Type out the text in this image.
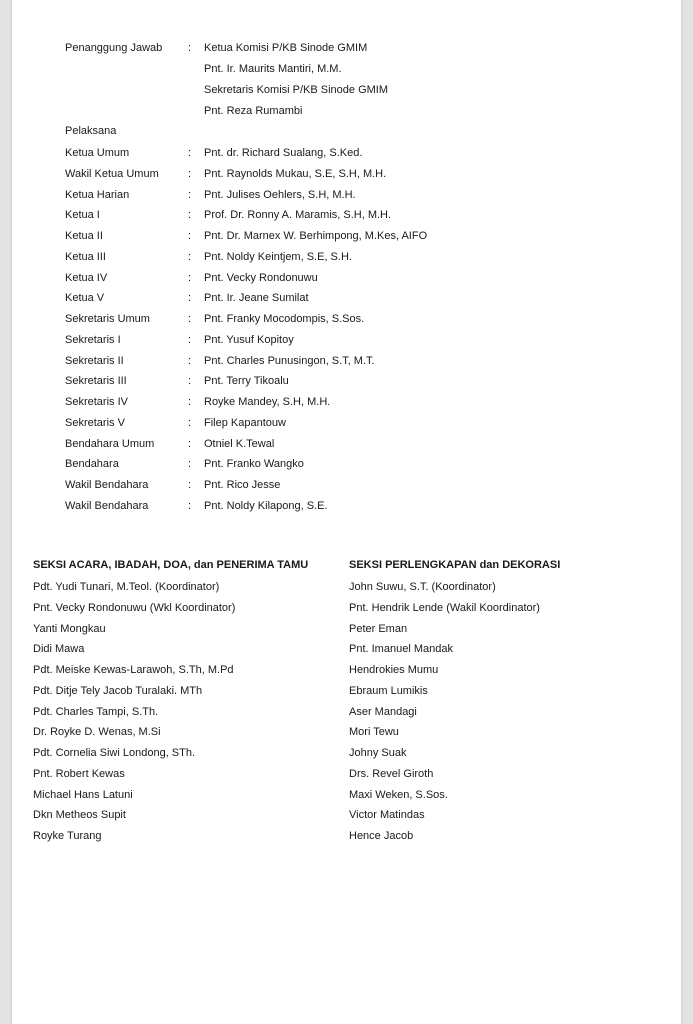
Penanggung Jawab : Ketua Komisi P/KB Sinode GMIM
Pnt. Ir. Maurits Mantiri, M.M.
Sekretaris Komisi P/KB Sinode GMIM
Pnt. Reza Rumambi
Pelaksana
Ketua Umum	: Pnt. dr. Richard Sualang, S.Ked.
Wakil Ketua Umum	: Pnt. Raynolds Mukau, S.E, S.H, M.H.
Ketua Harian	: Pnt. Julises Oehlers, S.H, M.H.
Ketua I	: Prof. Dr. Ronny A. Maramis, S.H, M.H.
Ketua II	: Pnt. Dr. Marnex W. Berhimpong, M.Kes, AIFO
Ketua III	: Pnt. Noldy Keintjem, S.E, S.H.
Ketua IV	: Pnt. Vecky Rondonuwu
Ketua V	: Pnt. Ir. Jeane Sumilat
Sekretaris Umum	: Pnt. Franky Mocodompis, S.Sos.
Sekretaris I	: Pnt. Yusuf Kopitoy
Sekretaris II	: Pnt. Charles Punusingon, S.T, M.T.
Sekretaris III	: Pnt. Terry Tikoalu
Sekretaris IV	: Royke Mandey, S.H, M.H.
Sekretaris V	: Filep Kapantouw
Bendahara Umum	: Otniel K.Tewal
Bendahara	: Pnt. Franko Wangko
Wakil Bendahara	: Pnt. Rico Jesse
Wakil Bendahara	: Pnt. Noldy Kilapong, S.E.
SEKSI ACARA, IBADAH, DOA, dan PENERIMA TAMU
Pdt. Yudi Tunari, M.Teol. (Koordinator)
Pnt. Vecky Rondonuwu (Wkl Koordinator)
Yanti Mongkau
Didi Mawa
Pdt. Meiske Kewas-Larawoh, S.Th, M.Pd
Pdt. Ditje Tely Jacob Turalaki. MTh
Pdt. Charles Tampi, S.Th.
Dr. Royke D. Wenas, M.Si
Pdt. Cornelia Siwi Londong, STh.
Pnt. Robert Kewas
Michael Hans Latuni
Dkn Metheos Supit
Royke Turang
SEKSI PERLENGKAPAN dan DEKORASI
John Suwu, S.T. (Koordinator)
Pnt. Hendrik Lende (Wakil Koordinator)
Peter Eman
Pnt. Imanuel Mandak
Hendrokies Mumu
Ebraum Lumikis
Aser Mandagi
Mori Tewu
Johny Suak
Drs. Revel Giroth
Maxi Weken, S.Sos.
Victor Matindas
Hence Jacob
